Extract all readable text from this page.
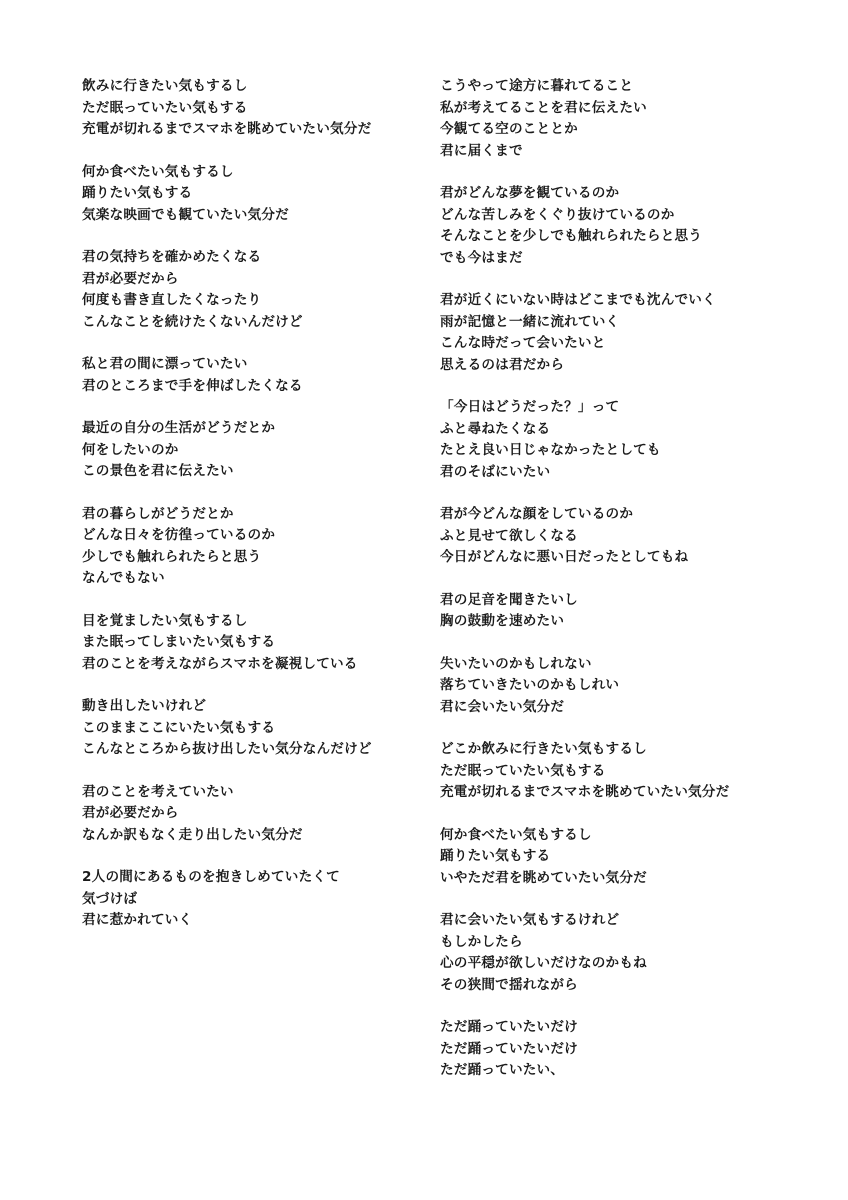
飲みに行きたい気もするし
ただ眠っていたい気もする
充電が切れるまでスマホを眺めていたい気分だ
何か食べたい気もするし
踊りたい気もする
気楽な映画でも観ていたい気分だ
君の気持ちを確かめたくなる
君が必要だから
何度も書き直したくなったり
こんなことを続けたくないんだけど
私と君の間に漂っていたい
君のところまで手を伸ばしたくなる
最近の自分の生活がどうだとか
何をしたいのか
この景色を君に伝えたい
君の暮らしがどうだとか
どんな日々を彷徨っているのか
少しでも触れられたらと思う
なんでもない
目を覚ましたい気もするし
また眠ってしまいたい気もする
君のことを考えながらスマホを凝視している
動き出したいけれど
このままここにいたい気もする
こんなところから抜け出したい気分なんだけど
君のことを考えていたい
君が必要だから
なんか訳もなく走り出したい気分だ
2人の間にあるものを抱きしめていたくて
気づけば
君に惹かれていく
こうやって途方に暮れてること
私が考えてることを君に伝えたい
今観てる空のこととか
君に届くまで
君がどんな夢を観ているのか
どんな苦しみをくぐり抜けているのか
そんなことを少しでも触れられたらと思う
でも今はまだ
君が近くにいない時はどこまでも沈んでいく
雨が記憶と一緒に流れていく
こんな時だって会いたいと
思えるのは君だから
「今日はどうだった？」って
ふと尋ねたくなる
たとえ良い日じゃなかったとしても
君のそばにいたい
君が今どんな顔をしているのか
ふと見せて欲しくなる
今日がどんなに悪い日だったとしてもね
君の足音を聞きたいし
胸の鼓動を速めたい
失いたいのかもしれない
落ちていきたいのかもしれい
君に会いたい気分だ
どこか飲みに行きたい気もするし
ただ眠っていたい気もする
充電が切れるまでスマホを眺めていたい気分だ
何か食べたい気もするし
踊りたい気もする
いやただ君を眺めていたい気分だ
君に会いたい気もするけれど
もしかしたら
心の平穏が欲しいだけなのかもね
その狭間で揺れながら
ただ踊っていたいだけ
ただ踊っていたいだけ
ただ踊っていたい、
